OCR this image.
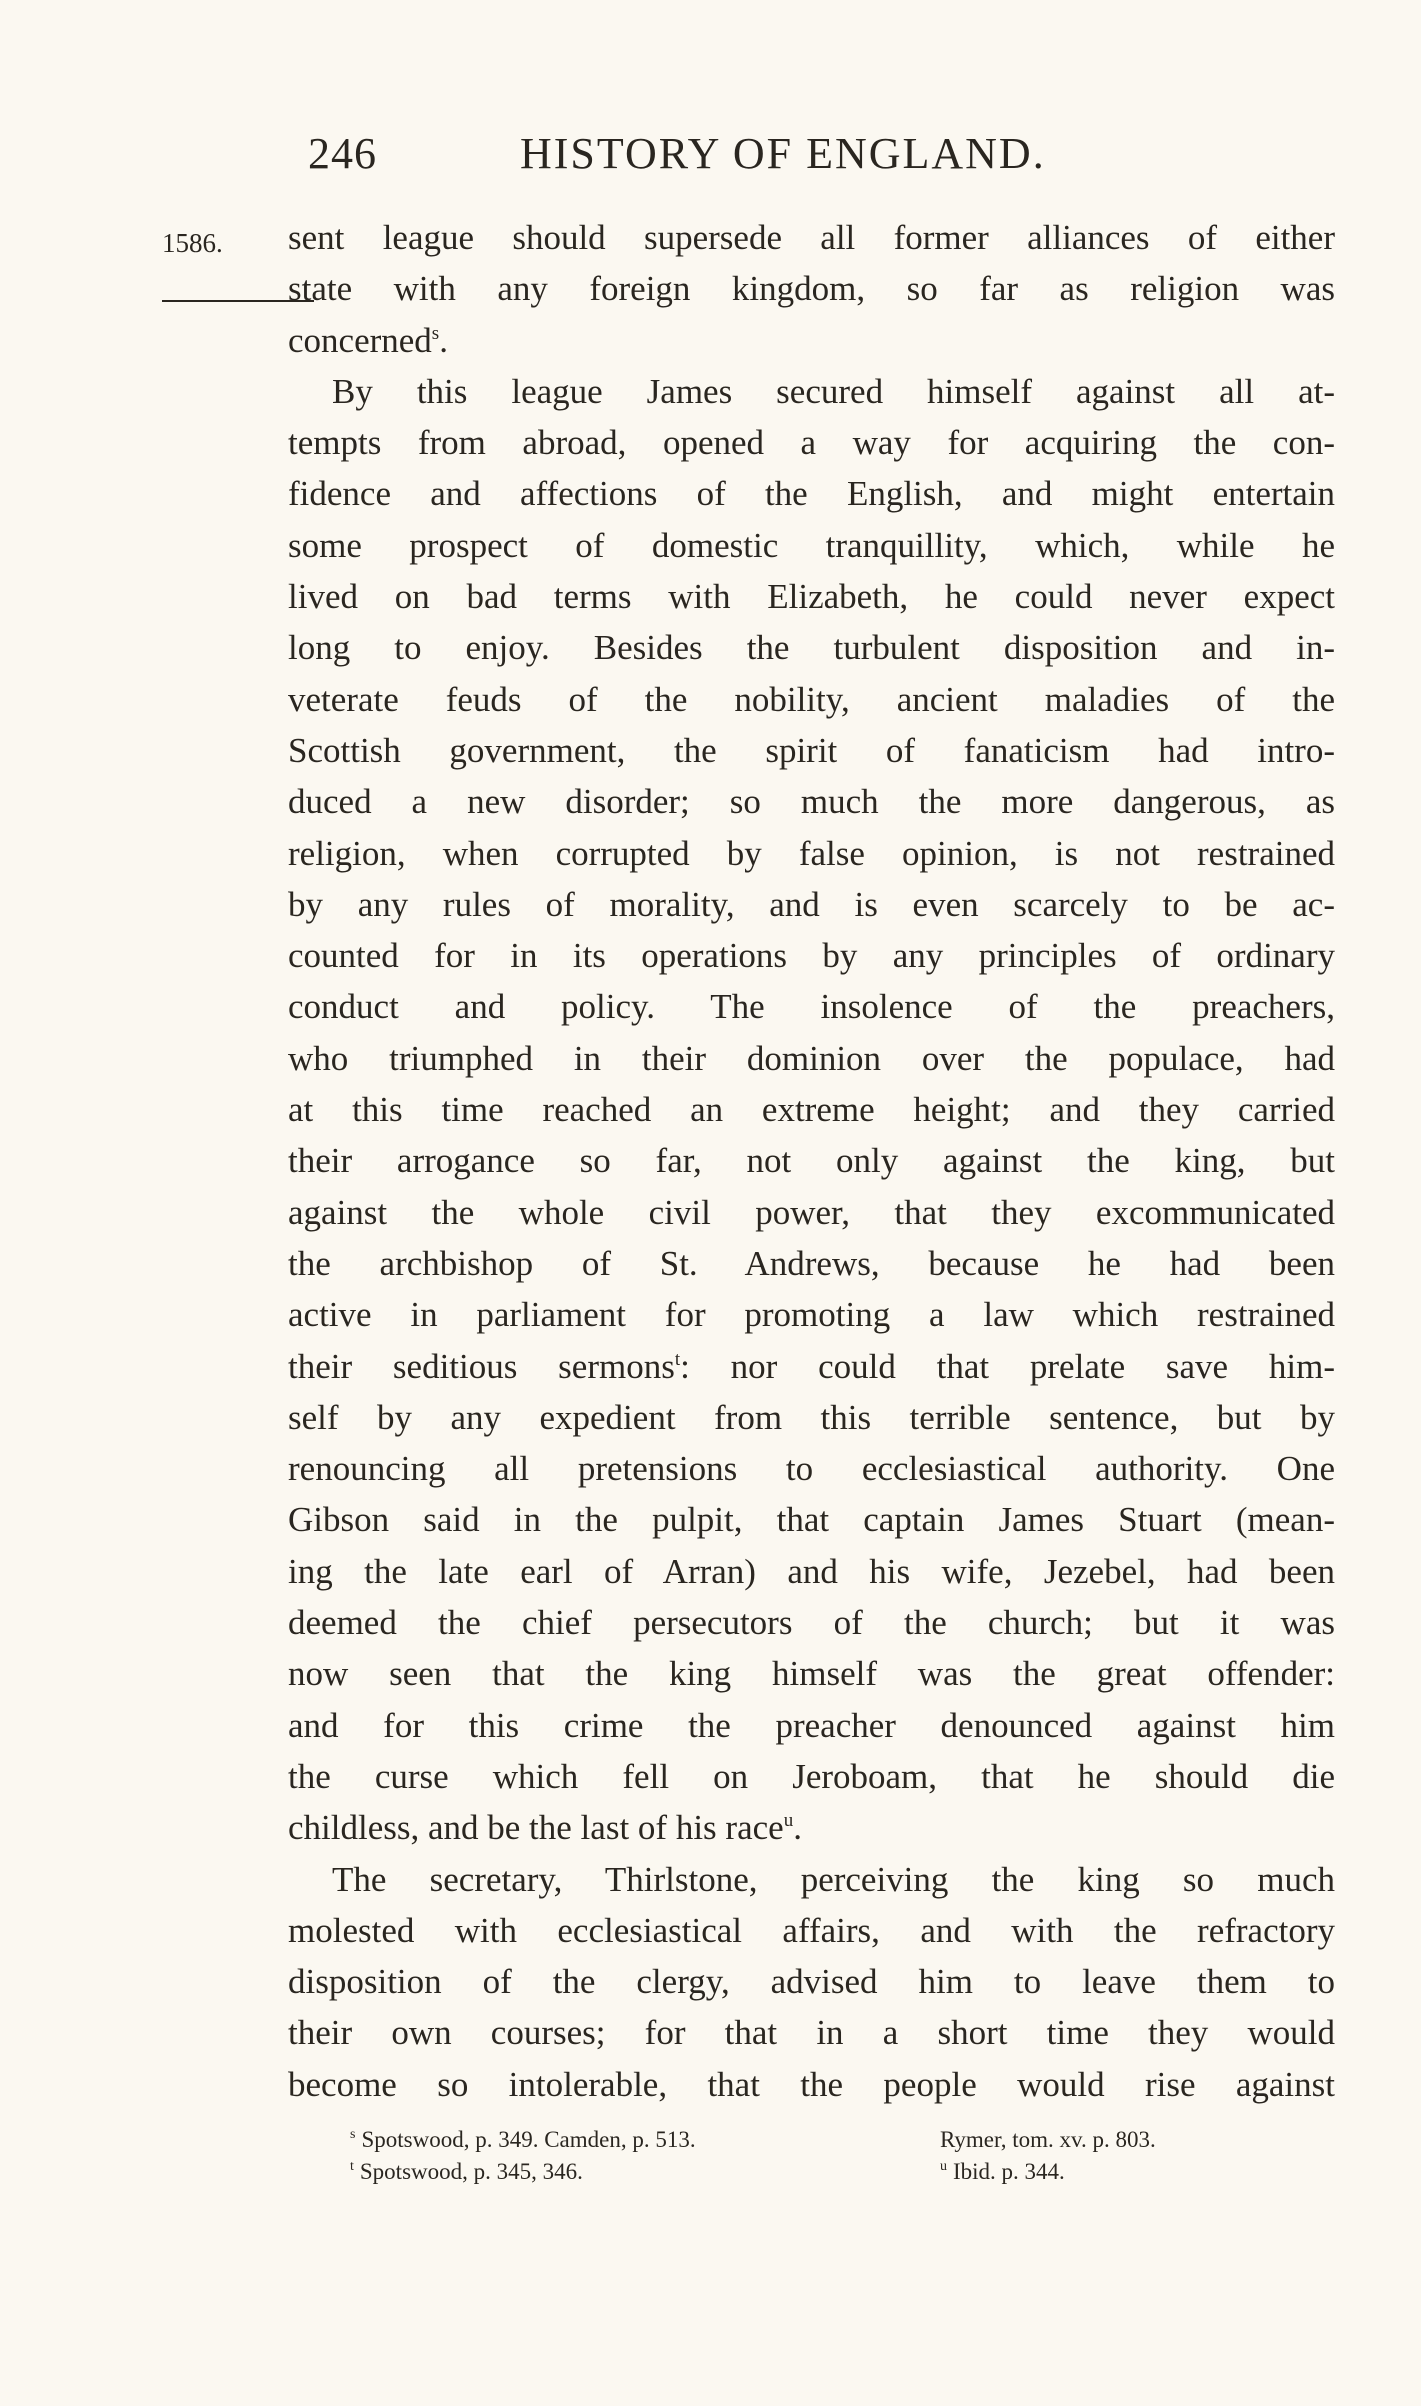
246	HISTORY OF ENGLAND.
1586. sent league should supersede all former alliances of either
state with any foreign kingdom, so far as religion was
concerned$^s$.
By this league James secured himself against all at-
tempts from abroad, opened a way for acquiring the con-
fidence and affections of the English, and might entertain
some prospect of domestic tranquillity, which, while he
lived on bad terms with Elizabeth, he could never expect
long to enjoy. Besides the turbulent disposition and in-
veterate feuds of the nobility, ancient maladies of the
Scottish government, the spirit of fanaticism had intro-
duced a new disorder; so much the more dangerous, as
religion, when corrupted by false opinion, is not restrained
by any rules of morality, and is even scarcely to be ac-
counted for in its operations by any principles of ordinary
conduct and policy. The insolence of the preachers,
who triumphed in their dominion over the populace, had
at this time reached an extreme height; and they carried
their arrogance so far, not only against the king, but
against the whole civil power, that they excommunicated
the archbishop of St. Andrews, because he had been
active in parliament for promoting a law which restrained
their seditious sermons$^t$: nor could that prelate save him-
self by any expedient from this terrible sentence, but by
renouncing all pretensions to ecclesiastical authority. One
Gibson said in the pulpit, that captain James Stuart (mean-
ing the late earl of Arran) and his wife, Jezebel, had been
deemed the chief persecutors of the church; but it was
now seen that the king himself was the great offender:
and for this crime the preacher denounced against him
the curse which fell on Jeroboam, that he should die
childless, and be the last of his race$^u$.
The secretary, Thirlstone, perceiving the king so much
molested with ecclesiastical affairs, and with the refractory
disposition of the clergy, advised him to leave them to
their own courses; for that in a short time they would
become so intolerable, that the people would rise against
$^s$ Spotswood, p. 349. Camden, p. 513.	Rymer, tom. xv. p. 803.
$^t$ Spotswood, p. 345, 346.	$^u$ Ibid. p. 344.
